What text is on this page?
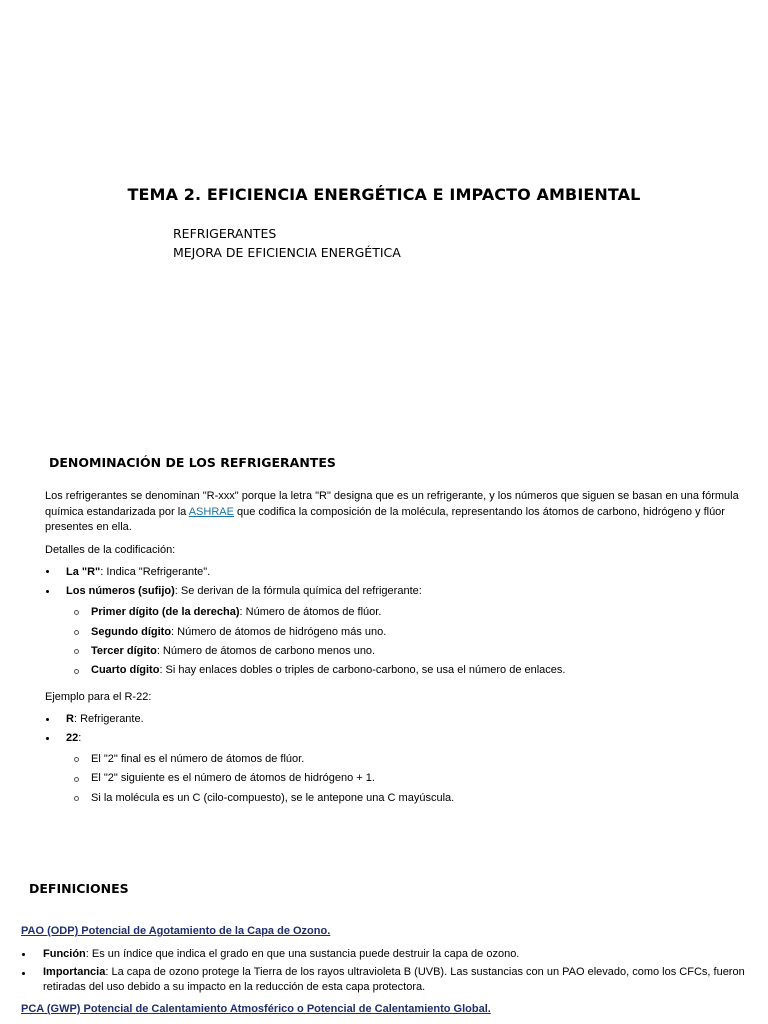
TEMA 2. EFICIENCIA ENERGÉTICA E IMPACTO AMBIENTAL
REFRIGERANTES
MEJORA DE EFICIENCIA ENERGÉTICA
DENOMINACIÓN DE LOS REFRIGERANTES

Los refrigerantes se denominan "R-xxx" porque la letra "R" designa que es un refrigerante, y los números que siguen se basan en una fórmula química estandarizada por la ASHRAE que codifica la composición de la molécula, representando los átomos de carbono, hidrógeno y flúor presentes en ella.

Detalles de la codificación:

La "R": Indica "Refrigerante".
Los números (sufijo): Se derivan de la fórmula química del refrigerante:
Primer dígito (de la derecha): Número de átomos de flúor.
Segundo dígito: Número de átomos de hidrógeno más uno.
Tercer dígito: Número de átomos de carbono menos uno.
Cuarto dígito: Si hay enlaces dobles o triples de carbono-carbono, se usa el número de enlaces.

Ejemplo para el R-22:

R: Refrigerante.
22:
El "2" final es el número de átomos de flúor.
El "2" siguiente es el número de átomos de hidrógeno + 1.
Si la molécula es un C (cilo-compuesto), se le antepone una C mayúscula.
DEFINICIONES

PAO (ODP) Potencial de Agotamiento de la Capa de Ozono.

Función: Es un índice que indica el grado en que una sustancia puede destruir la capa de ozono.
Importancia: La capa de ozono protege la Tierra de los rayos ultravioleta B (UVB). Las sustancias con un PAO elevado, como los CFCs, fueron retiradas del uso debido a su impacto en la reducción de esta capa protectora.

PCA (GWP) Potencial de Calentamiento Atmosférico o Potencial de Calentamiento Global.
